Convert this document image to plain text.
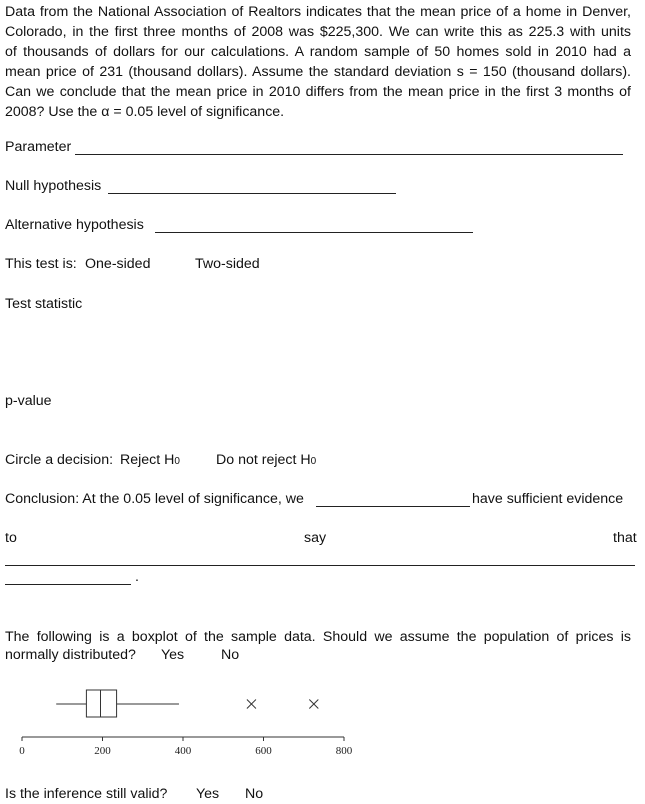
Data from the National Association of Realtors indicates that the mean price of a home in Denver,
Colorado, in the first three months of 2008 was $225,300. We can write this as 225.3 with units
of thousands of dollars for our calculations. A random sample of 50 homes sold in 2010 had a
mean price of 231 (thousand dollars). Assume the standard deviation s = 150 (thousand dollars).
Can we conclude that the mean price in 2010 differs from the mean price in the first 3 months of
2008? Use the α = 0.05 level of significance.
Parameter
Null hypothesis
Alternative hypothesis
This test is: One-sided	Two-sided
Test statistic
p-value
Circle a decision: Reject H0	Do not reject H0
Conclusion: At the 0.05 level of significance, we	have sufficient evidence
to	say	that
.
The following is a boxplot of the sample data. Should we assume the population of prices is
normally distributed? Yes	No
0	200	400	600	800
Is the inference still valid? Yes No
